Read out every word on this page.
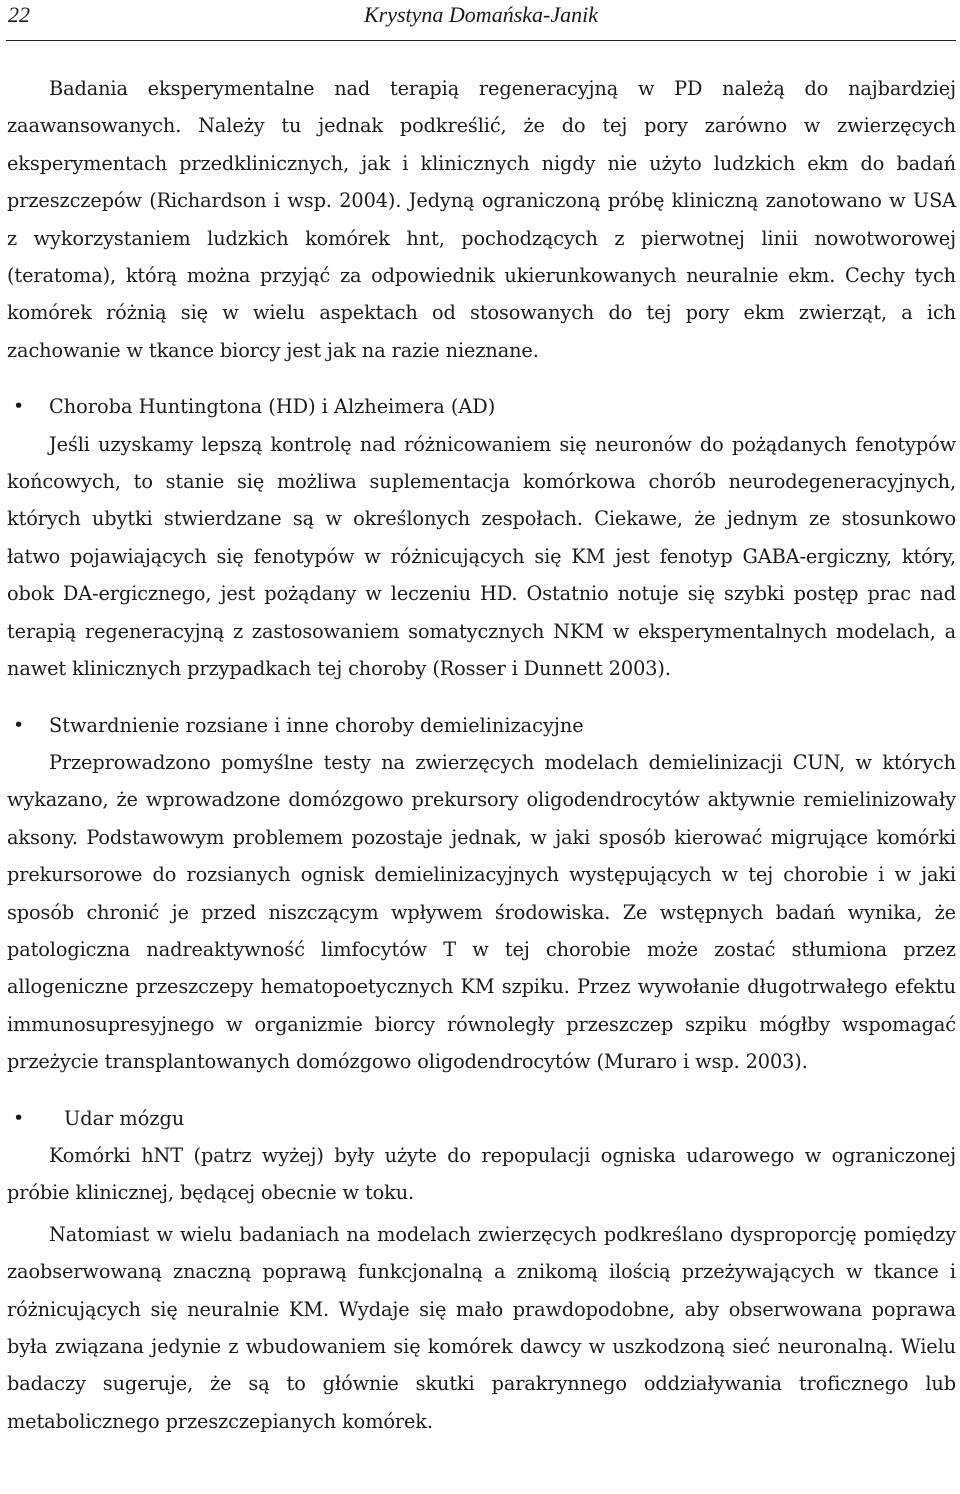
22	Krystyna Domańska-Janik

Badania eksperymentalne nad terapią regeneracyjną w PD należą do najbardziej zaawansowanych. Należy tu jednak podkreślić, że do tej pory zarówno w zwierzęcych eksperymentach przedklinicznych, jak i klinicznych nigdy nie użyto ludzkich ekm do badań przeszczepów (Richardson i wsp. 2004). Jedyną ograniczoną próbę kliniczną zanotowano w USA z wykorzystaniem ludzkich komórek hnt, pochodzących z pierwotnej linii nowotworowej (teratoma), którą można przyjąć za odpowiednik ukierunkowanych neuralnie ekm. Cechy tych komórek różnią się w wielu aspektach od stosowanych do tej pory ekm zwierząt, a ich zachowanie w tkance biorcy jest jak na razie nieznane.

• Choroba Huntingtona (HD) i Alzheimera (AD)

Jeśli uzyskamy lepszą kontrolę nad różnicowaniem się neuronów do pożądanych fenotypów końcowych, to stanie się możliwa suplementacja komórkowa chorób neurodegeneracyjnych, których ubytki stwierdzane są w określonych zespołach. Ciekawe, że jednym ze stosunkowo łatwo pojawiających się fenotypów w różnicujących się KM jest fenotyp GABA-ergiczny, który, obok DA-ergicznego, jest pożądany w leczeniu HD. Ostatnio notuje się szybki postęp prac nad terapią regeneracyjną z zastosowaniem somatycznych NKM w eksperymentalnych modelach, a nawet klinicznych przypadkach tej choroby (Rosser i Dunnett 2003).

• Stwardnienie rozsiane i inne choroby demielinizacyjne

Przeprowadzono pomyślne testy na zwierzęcych modelach demielinizacji CUN, w których wykazano, że wprowadzone domózgowo prekursory oligodendrocytów aktywnie remielinizowały aksony. Podstawowym problemem pozostaje jednak, w jaki sposób kierować migrujące komórki prekursorowe do rozsianych ognisk demielinizacyjnych występujących w tej chorobie i w jaki sposób chronić je przed niszczącym wpływem środowiska. Ze wstępnych badań wynika, że patologiczna nadreaktywność limfocytów T w tej chorobie może zostać stłumiona przez allogeniczne przeszczepy hematopoetycznych KM szpiku. Przez wywołanie długotrwałego efektu immunosupresyjnego w organizmie biorcy równoległy przeszczep szpiku mógłby wspomagać przeżycie transplantowanych domózgowo oligodendrocytów (Muraro i wsp. 2003).

• Udar mózgu

Komórki hNT (patrz wyżej) były użyte do repopulacji ogniska udarowego w ograniczonej próbie klinicznej, będącej obecnie w toku.

Natomiast w wielu badaniach na modelach zwierzęcych podkreślano dysproporcję pomiędzy zaobserwowaną znaczną poprawą funkcjonalną a znikomą ilością przeżywających w tkance i różnicujących się neuralnie KM. Wydaje się mało prawdopodobne, aby obserwowana poprawa była związana jedynie z wbudowaniem się komórek dawcy w uszkodzoną sieć neuronalną. Wielu badaczy sugeruje, że są to głównie skutki parakrynnego oddziaływania troficznego lub metabolicznego przeszczepianych komórek.
